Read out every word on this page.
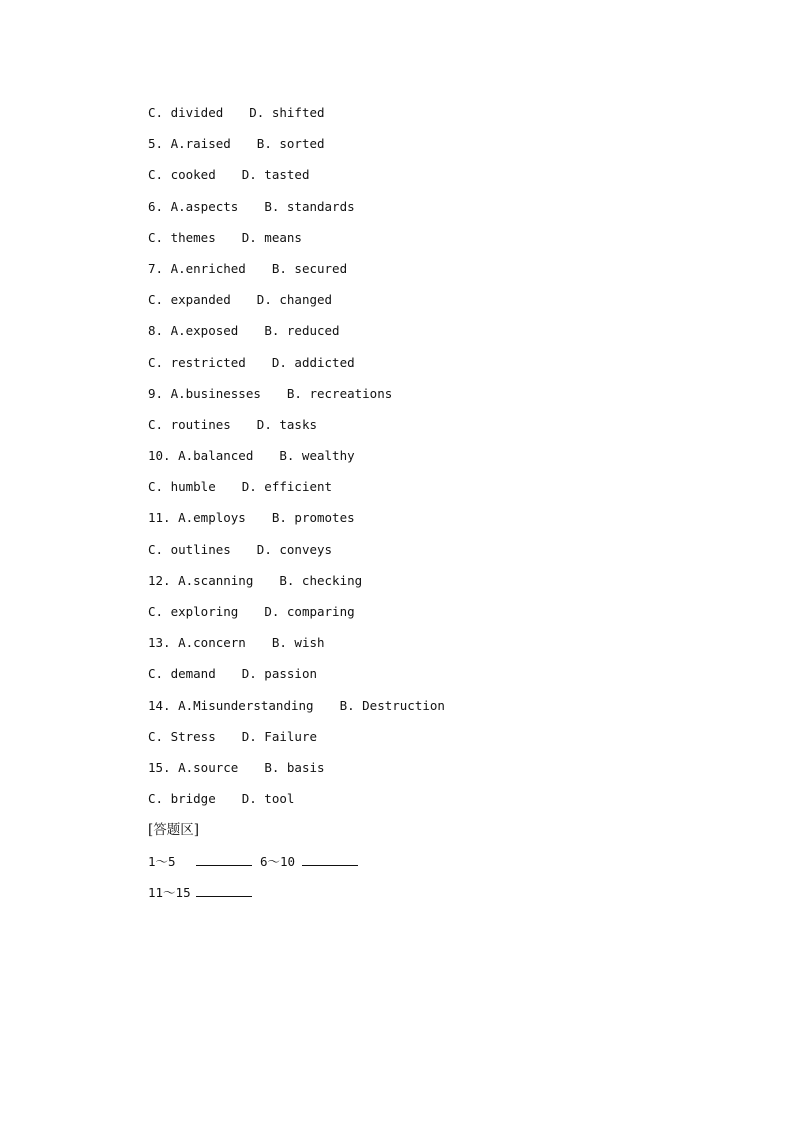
C. divided D. shifted
5. A.raised B. sorted
C. cooked D. tasted
6. A.aspects B. standards
C. themes D. means
7. A.enriched B. secured
C. expanded D. changed
8. A.exposed B. reduced
C. restricted D. addicted
9. A.businesses B. recreations
C. routines D. tasks
10. A.balanced B. wealthy
C. humble D. efficient
11. A.employs B. promotes
C. outlines D. conveys
12. A.scanning B. checking
C. exploring D. comparing
13. A.concern B. wish
C. demand D. passion
14. A.Misunderstanding B. Destruction
C. Stress D. Failure
15. A.source B. basis
C. bridge D. tool
[答题区]
1～5	6～10
11～15
